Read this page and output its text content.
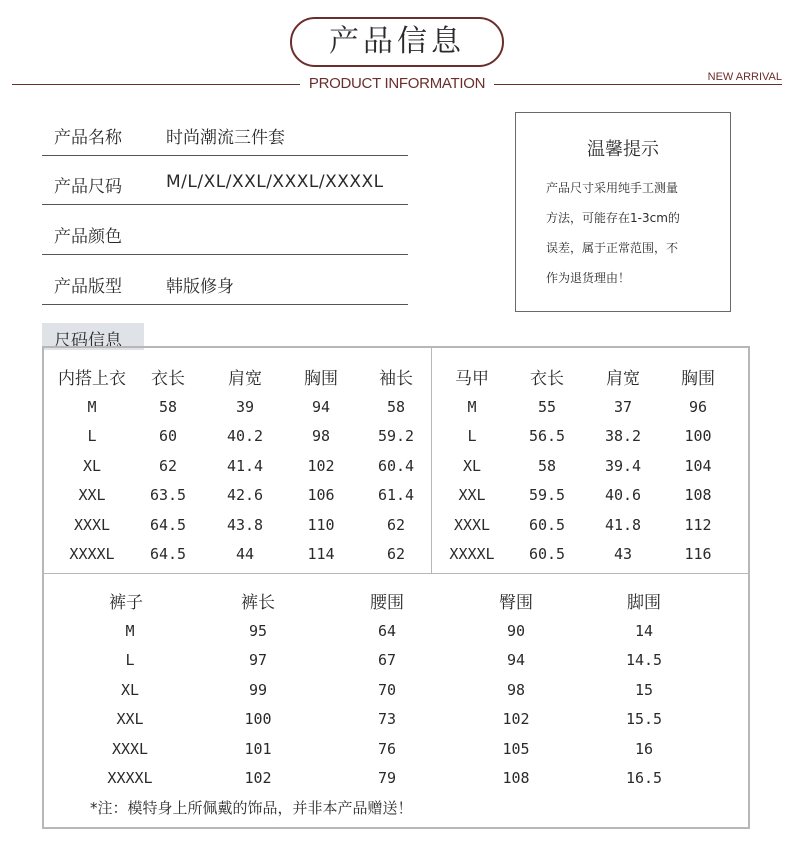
产品信息
PRODUCT INFORMATION	NEW ARRIVAL
产品名称	时尚潮流三件套
产品尺码	M/L/XL/XXL/XXXL/XXXXL
产品颜色
产品版型	韩版修身
温馨提示
产品尺寸采用纯手工测量
方法，可能存在1-3cm的
误差，属于正常范围，不
作为退货理由！
尺码信息
内搭上衣	衣长	肩宽	胸围	袖长
M	58	39	94	58
L	60	40.2	98	59.2
XL	62	41.4	102	60.4
XXL	63.5	42.6	106	61.4
XXXL	64.5	43.8	110	62
XXXXL	64.5	44	114	62
马甲	衣长	肩宽	胸围
M	55	37	96
L	56.5	38.2	100
XL	58	39.4	104
XXL	59.5	40.6	108
XXXL	60.5	41.8	112
XXXXL	60.5	43	116
裤子	裤长	腰围	臀围	脚围
M	95	64	90	14
L	97	67	94	14.5
XL	99	70	98	15
XXL	100	73	102	15.5
XXXL	101	76	105	16
XXXXL	102	79	108	16.5
*注：模特身上所佩戴的饰品，并非本产品赠送！
